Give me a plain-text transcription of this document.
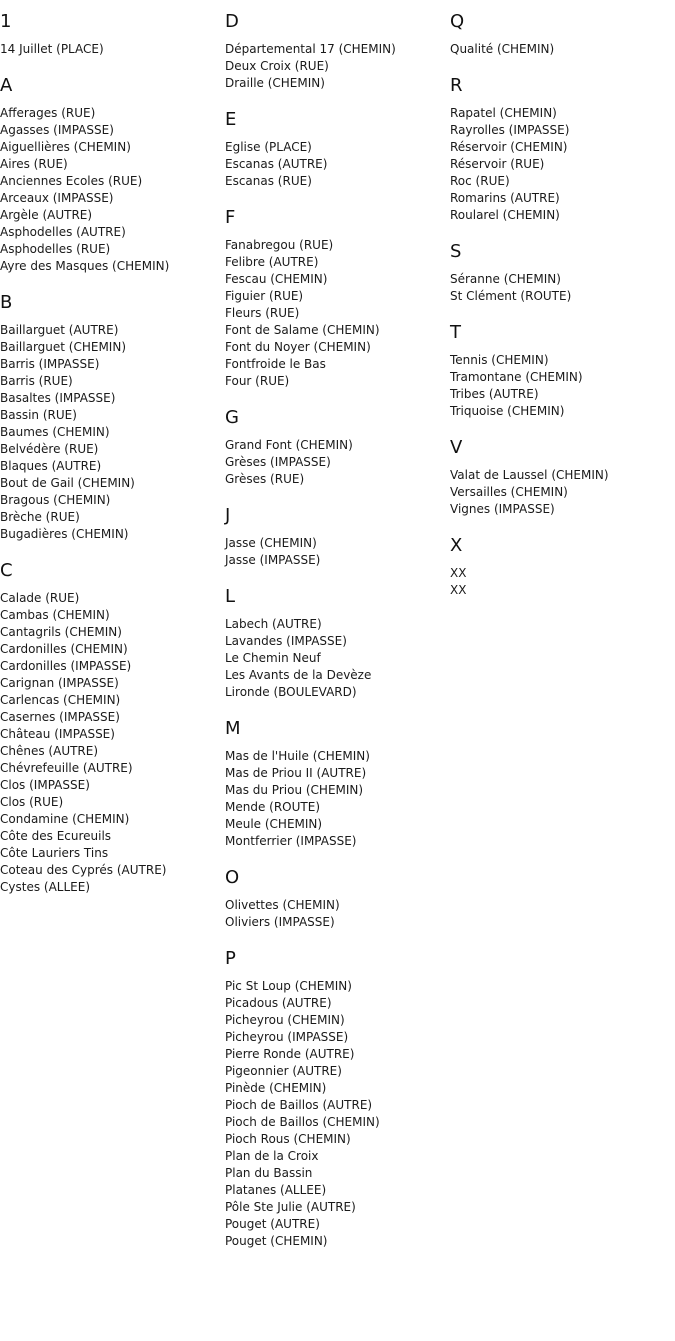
1
14 Juillet (PLACE)
A
Afferages (RUE)
Agasses (IMPASSE)
Aiguellières (CHEMIN)
Aires (RUE)
Anciennes Ecoles (RUE)
Arceaux (IMPASSE)
Argèle (AUTRE)
Asphodelles (AUTRE)
Asphodelles (RUE)
Ayre des Masques (CHEMIN)
B
Baillarguet (AUTRE)
Baillarguet (CHEMIN)
Barris (IMPASSE)
Barris (RUE)
Basaltes (IMPASSE)
Bassin (RUE)
Baumes (CHEMIN)
Belvédère (RUE)
Blaques (AUTRE)
Bout de Gail (CHEMIN)
Bragous (CHEMIN)
Brèche (RUE)
Bugadières (CHEMIN)
C
Calade (RUE)
Cambas (CHEMIN)
Cantagrils (CHEMIN)
Cardonilles (CHEMIN)
Cardonilles (IMPASSE)
Carignan (IMPASSE)
Carlencas (CHEMIN)
Casernes (IMPASSE)
Château (IMPASSE)
Chênes (AUTRE)
Chévrefeuille (AUTRE)
Clos (IMPASSE)
Clos (RUE)
Condamine (CHEMIN)
Côte des Ecureuils
Côte Lauriers Tins
Coteau des Cyprés (AUTRE)
Cystes (ALLEE)
D
Départemental 17 (CHEMIN)
Deux Croix (RUE)
Draille (CHEMIN)
E
Eglise (PLACE)
Escanas (AUTRE)
Escanas (RUE)
F
Fanabregou (RUE)
Felibre (AUTRE)
Fescau (CHEMIN)
Figuier (RUE)
Fleurs (RUE)
Font de Salame (CHEMIN)
Font du Noyer (CHEMIN)
Fontfroide le Bas
Four (RUE)
G
Grand Font (CHEMIN)
Grèses (IMPASSE)
Grèses (RUE)
J
Jasse (CHEMIN)
Jasse (IMPASSE)
L
Labech (AUTRE)
Lavandes (IMPASSE)
Le Chemin Neuf
Les Avants de la Devèze
Lironde (BOULEVARD)
M
Mas de l'Huile (CHEMIN)
Mas de Priou II (AUTRE)
Mas du Priou (CHEMIN)
Mende (ROUTE)
Meule (CHEMIN)
Montferrier (IMPASSE)
O
Olivettes (CHEMIN)
Oliviers (IMPASSE)
P
Pic St Loup (CHEMIN)
Picadous (AUTRE)
Picheyrou (CHEMIN)
Picheyrou (IMPASSE)
Pierre Ronde (AUTRE)
Pigeonnier (AUTRE)
Pinède (CHEMIN)
Pioch de Baillos (AUTRE)
Pioch de Baillos (CHEMIN)
Pioch Rous (CHEMIN)
Plan de la Croix
Plan du Bassin
Platanes (ALLEE)
Pôle Ste Julie (AUTRE)
Pouget (AUTRE)
Pouget (CHEMIN)
Q
Qualité (CHEMIN)
R
Rapatel (CHEMIN)
Rayrolles (IMPASSE)
Réservoir (CHEMIN)
Réservoir (RUE)
Roc (RUE)
Romarins (AUTRE)
Roularel (CHEMIN)
S
Séranne (CHEMIN)
St Clément (ROUTE)
T
Tennis (CHEMIN)
Tramontane (CHEMIN)
Tribes (AUTRE)
Triquoise (CHEMIN)
V
Valat de Laussel (CHEMIN)
Versailles (CHEMIN)
Vignes (IMPASSE)
X
XX
XX
